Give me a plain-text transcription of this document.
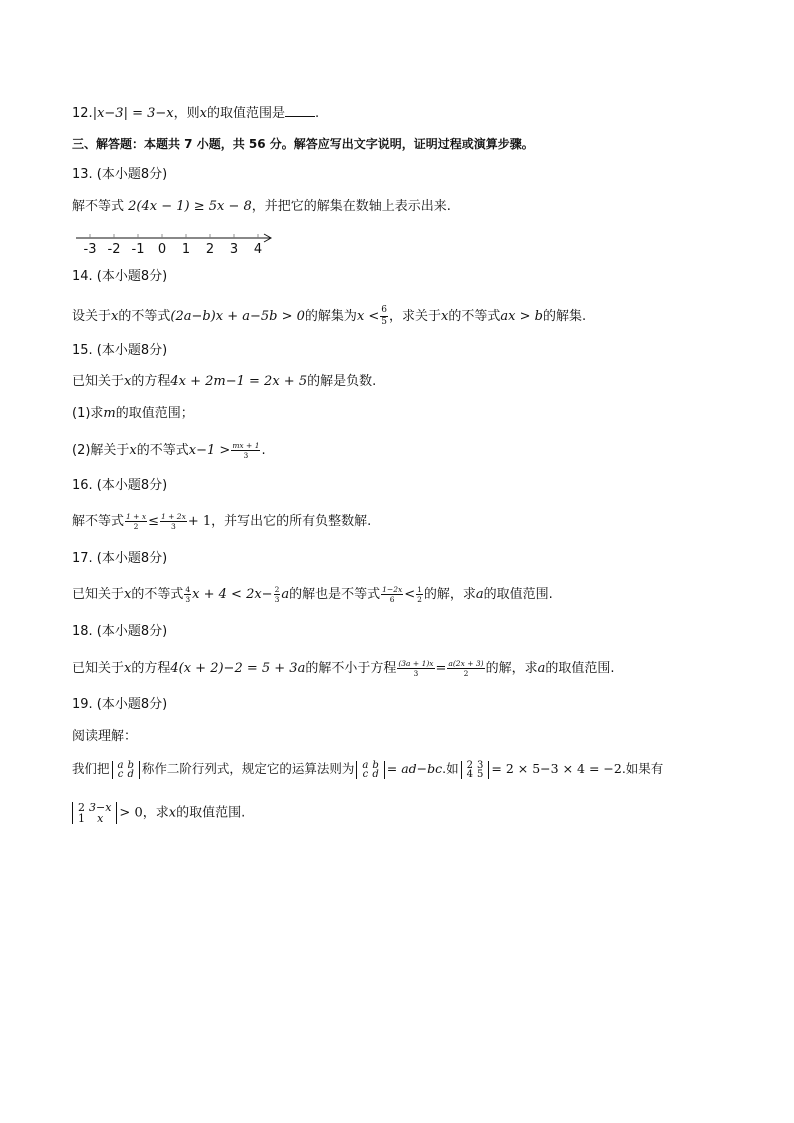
12.|x−3| = 3−x，则x的取值范围是 .
三、解答题：本题共 7 小题，共 56 分。解答应写出文字说明，证明过程或演算步骤。
13. (本小题8分)
解不等式 2(4x − 1) ≥ 5x − 8，并把它的解集在数轴上表示出来.
-3 -2 -1 0 1 2 3 4
14. (本小题8分)
设关于x的不等式(2a−b)x + a−5b > 0的解集为$x < \frac{6}{5}$ ，求关于x的不等式ax > b的解集.
15. (本小题8分)
已知关于x的方程4x + 2m−1 = 2x + 5的解是负数.
(1)求m的取值范围；
(2)解关于x的不等式$x-1 > \frac{mx + 1}{3}$ .
16. (本小题8分)
解不等式 $\frac{1 + x}{2} \le \frac{1 + 2x}{3} + 1$，并写出它的所有负整数解.
17. (本小题8分)
已知关于x的不等式 $\frac{4}{3}$ $x + 4 < 2x- \frac{2}{3}$ a的解也是不等式 $\frac{1-2x}{6} < \frac{1}{2}$ 的解，求a的取值范围.
18. (本小题8分)
已知关于x的方程4(x + 2)−2 = 5 + 3a的解不小于方程 $\frac{(3a + 1)x}{3} = \frac{a(2x + 3)}{2}$ 的解，求a的取值范围.
19. (本小题8分)
阅读理解：
我们把 a	b
c	d 称作二阶行列式，规定它的运算法则为 a	b
c	d = ad−bc.如 2	3
4	5 = 2 × 5−3 × 4 = −2.如果有
2	3−x
1	x > 0，求x的取值范围.
